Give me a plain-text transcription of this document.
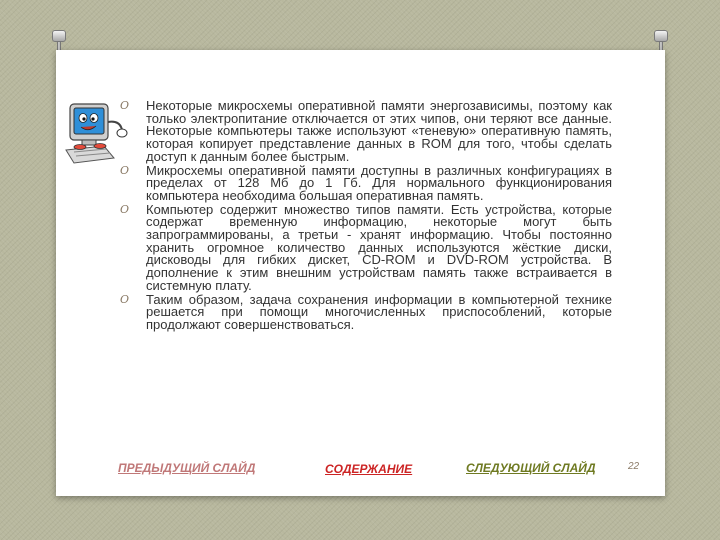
O Некоторые микросхемы оперативной памяти энергозависимы, поэтому как только электропитание отключается от этих чипов, они теряют все данные. Некоторые компьютеры также используют «теневую» оперативную память, которая копирует представление данных в ROM для того, чтобы сделать доступ к данным более быстрым.
O Микросхемы оперативной памяти доступны в различных конфигурациях в пределах от 128 Мб до 1 Гб. Для нормального функционирования компьютера необходима большая оперативная память.
O Компьютер содержит множество типов памяти. Есть устройства, которые содержат временную информацию, некоторые могут быть запрограммированы, а третьи - хранят информацию. Чтобы постоянно хранить огромное количество данных используются жёсткие диски, дисководы для гибких дискет, CD-ROM и DVD-ROM устройства. В дополнение к этим внешним устройствам память также встраивается в системную плату.
O Таким образом, задача сохранения информации в компьютерной технике решается при помощи многочисленных приспособлений, которые продолжают совершенствоваться.
ПРЕДЫДУЩИЙ СЛАЙД	СОДЕРЖАНИЕ	СЛЕДУЮЩИЙ СЛАЙД	22
